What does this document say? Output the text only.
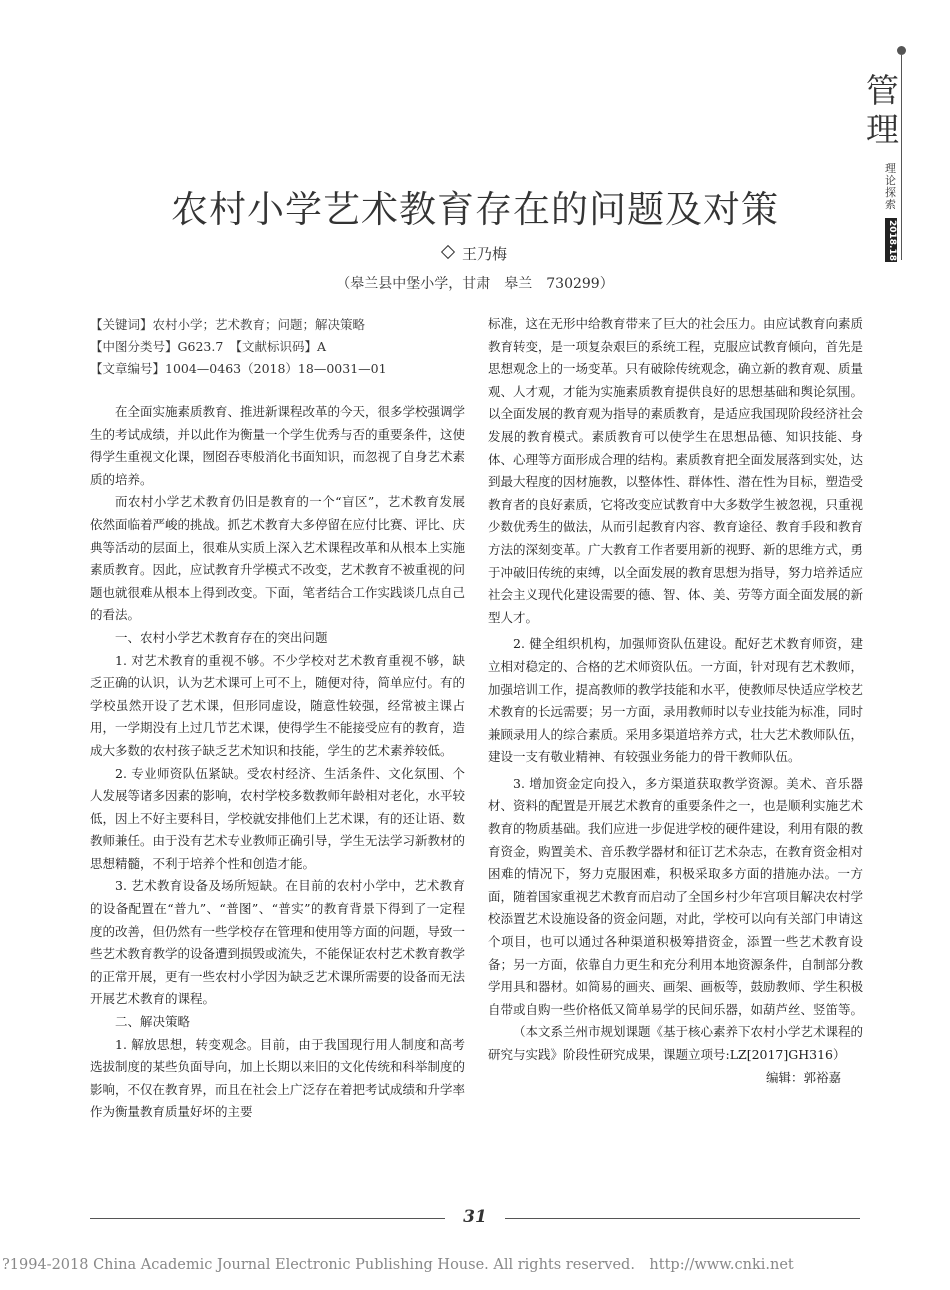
管
理
理论探索
2018.18
农村小学艺术教育存在的问题及对策
王乃梅
（皋兰县中堡小学，甘肃　皋兰　730299）
【关键词】农村小学；艺术教育；问题；解决策略
【中图分类号】G623.7　【文献标识码】A
【文章编号】1004—0463（2018）18—0031—01

在全面实施素质教育、推进新课程改革的今天，很多学校强调学生的考试成绩，并以此作为衡量一个学生优秀与否的重要条件，这使得学生重视文化课，囫囵吞枣般消化书面知识，而忽视了自身艺术素质的培养。

而农村小学艺术教育仍旧是教育的一个“盲区”，艺术教育发展依然面临着严峻的挑战。抓艺术教育大多停留在应付比赛、评比、庆典等活动的层面上，很难从实质上深入艺术课程改革和从根本上实施素质教育。因此，应试教育升学模式不改变，艺术教育不被重视的问题也就很难从根本上得到改变。下面，笔者结合工作实践谈几点自己的看法。

一、农村小学艺术教育存在的突出问题

1. 对艺术教育的重视不够。不少学校对艺术教育重视不够，缺乏正确的认识，认为艺术课可上可不上，随便对待，简单应付。有的学校虽然开设了艺术课，但形同虚设，随意性较强，经常被主课占用，一学期没有上过几节艺术课，使得学生不能接受应有的教育，造成大多数的农村孩子缺乏艺术知识和技能，学生的艺术素养较低。

2. 专业师资队伍紧缺。受农村经济、生活条件、文化氛围、个人发展等诸多因素的影响，农村学校多数教师年龄相对老化，水平较低，因上不好主要科目，学校就安排他们上艺术课，有的还让语、数教师兼任。由于没有艺术专业教师正确引导，学生无法学习新教材的思想精髓，不利于培养个性和创造才能。

3. 艺术教育设备及场所短缺。在目前的农村小学中，艺术教育的设备配置在“普九”、“普图”、“普实”的教育背景下得到了一定程度的改善，但仍然有一些学校存在管理和使用等方面的问题，导致一些艺术教育教学的设备遭到损毁或流失，不能保证农村艺术教育教学的正常开展，更有一些农村小学因为缺乏艺术课所需要的设备而无法开展艺术教育的课程。

二、解决策略

1. 解放思想，转变观念。目前，由于我国现行用人制度和高考选拔制度的某些负面导向，加上长期以来旧的文化传统和科举制度的影响，不仅在教育界，而且在社会上广泛存在着把考试成绩和升学率作为衡量教育质量好坏的主要

标准，这在无形中给教育带来了巨大的社会压力。由应试教育向素质教育转变，是一项复杂艰巨的系统工程，克服应试教育倾向，首先是思想观念上的一场变革。只有破除传统观念，确立新的教育观、质量观、人才观，才能为实施素质教育提供良好的思想基础和舆论氛围。以全面发展的教育观为指导的素质教育，是适应我国现阶段经济社会发展的教育模式。素质教育可以使学生在思想品德、知识技能、身体、心理等方面形成合理的结构。素质教育把全面发展落到实处，达到最大程度的因材施教，以整体性、群体性、潜在性为目标，塑造受教育者的良好素质，它将改变应试教育中大多数学生被忽视，只重视少数优秀生的做法，从而引起教育内容、教育途径、教育手段和教育方法的深刻变革。广大教育工作者要用新的视野、新的思维方式，勇于冲破旧传统的束缚，以全面发展的教育思想为指导，努力培养适应社会主义现代化建设需要的德、智、体、美、劳等方面全面发展的新型人才。

2. 健全组织机构，加强师资队伍建设。配好艺术教育师资，建立相对稳定的、合格的艺术师资队伍。一方面，针对现有艺术教师，加强培训工作，提高教师的教学技能和水平，使教师尽快适应学校艺术教育的长远需要；另一方面，录用教师时以专业技能为标准，同时兼顾录用人的综合素质。采用多渠道培养方式，壮大艺术教师队伍，建设一支有敬业精神、有较强业务能力的骨干教师队伍。

3. 增加资金定向投入，多方渠道获取教学资源。美术、音乐器材、资料的配置是开展艺术教育的重要条件之一，也是顺利实施艺术教育的物质基础。我们应进一步促进学校的硬件建设，利用有限的教育资金，购置美术、音乐教学器材和征订艺术杂志，在教育资金相对困难的情况下，努力克服困难，积极采取多方面的措施办法。一方面，随着国家重视艺术教育而启动了全国乡村少年宫项目解决农村学校添置艺术设施设备的资金问题，对此，学校可以向有关部门申请这个项目，也可以通过各种渠道积极筹措资金，添置一些艺术教育设备；另一方面，依靠自力更生和充分利用本地资源条件，自制部分教学用具和器材。如简易的画夹、画架、画板等，鼓励教师、学生积极自带或自购一些价格低又简单易学的民间乐器，如葫芦丝、竖笛等。

（本文系兰州市规划课题《基于核心素养下农村小学艺术课程的研究与实践》阶段性研究成果，课题立项号:LZ[2017]GH316）

编辑：郭裕嘉

31
?1994-2018 China Academic Journal Electronic Publishing House. All rights reserved.　http://www.cnki.net
